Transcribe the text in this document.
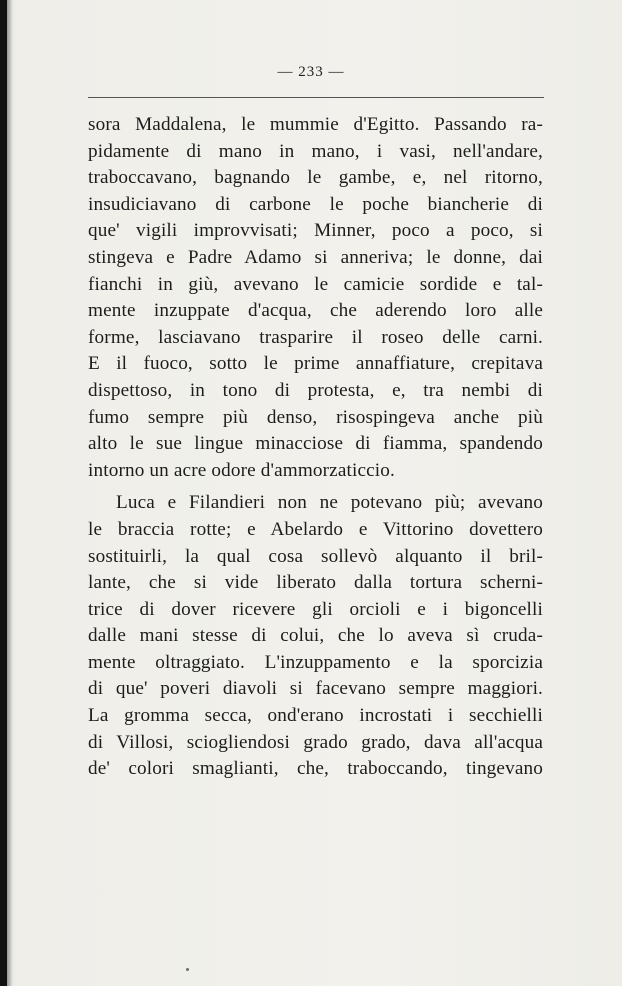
— 233 —
sora Maddalena, le mummie d'Egitto. Passando ra-
pidamente di mano in mano, i vasi, nell'andare,
traboccavano, bagnando le gambe, e, nel ritorno,
insudiciavano di carbone le poche biancherie di
que' vigili improvvisati; Minner, poco a poco, si
stingeva e Padre Adamo si anneriva; le donne, dai
fianchi in giù, avevano le camicie sordide e tal-
mente inzuppate d'acqua, che aderendo loro alle
forme, lasciavano trasparire il roseo delle carni.
E il fuoco, sotto le prime annaffiature, crepitava
dispettoso, in tono di protesta, e, tra nembi di
fumo sempre più denso, risospingeva anche più
alto le sue lingue minacciose di fiamma, spandendo
intorno un acre odore d'ammorzaticcio.
Luca e Filandieri non ne potevano più; avevano
le braccia rotte; e Abelardo e Vittorino dovettero
sostituirli, la qual cosa sollevò alquanto il bril-
lante, che si vide liberato dalla tortura scherni-
trice di dover ricevere gli orcioli e i bigoncelli
dalle mani stesse di colui, che lo aveva sì cruda-
mente oltraggiato. L'inzuppamento e la sporcizia
di que' poveri diavoli si facevano sempre maggiori.
La gromma secca, ond'erano incrostati i secchielli
di Villosi, sciogliendosi grado grado, dava all'acqua
de' colori smaglianti, che, traboccando, tingevano
